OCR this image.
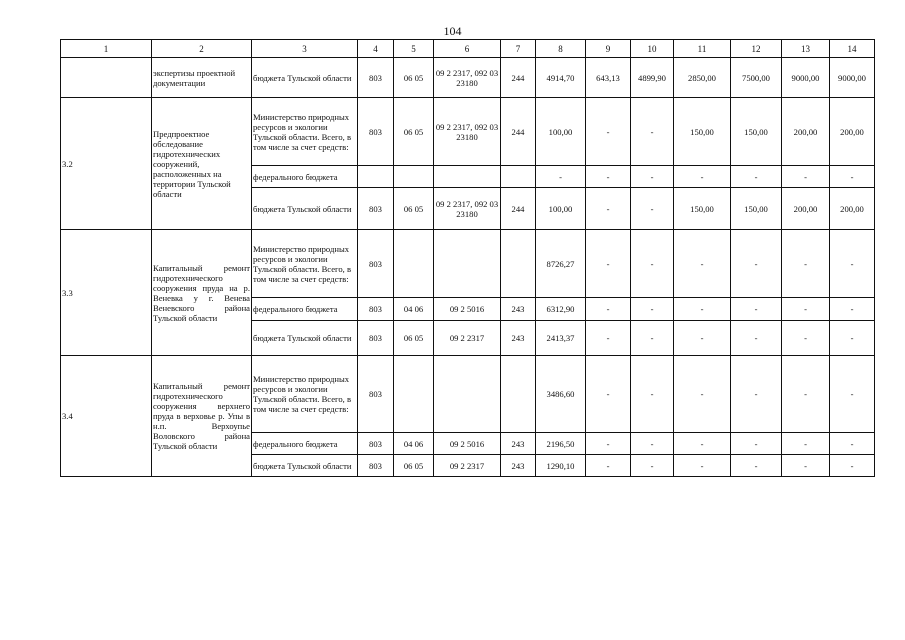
104
1	2	3	4	5	6	7	8	9	10	11	12	13	14
	экспертизы проектной документации	бюджета Тульской области	803	06 05	09 2 2317, 092 03 23180	244	4914,70	643,13	4899,90	2850,00	7500,00	9000,00	9000,00
3.2	Предпроектное обследование гидротехнических сооружений, расположенных на территории Тульской области	Министерство природных ресурсов и экологии Тульской области. Всего, в том числе за счет средств:	803	06 05	09 2 2317, 092 03 23180	244	100,00	-	-	150,00	150,00	200,00	200,00
		федерального бюджета					-	-	-	-	-	-	-
		бюджета Тульской области	803	06 05	09 2 2317, 092 03 23180	244	100,00	-	-	150,00	150,00	200,00	200,00
3.3	Капитальный ремонт гидротехнического сооружения пруда на р. Веневка у г. Венева Веневского района Тульской области	Министерство природных ресурсов и экологии Тульской области. Всего, в том числе за счет средств:	803				8726,27	-	-	-	-	-	-
		федерального бюджета	803	04 06	09 2 5016	243	6312,90	-	-	-	-	-	-
		бюджета Тульской области	803	06 05	09 2 2317	243	2413,37	-	-	-	-	-	-
3.4	Капитальный ремонт гидротехнического сооружения верхнего пруда в верховье р. Упы в н.п. Верхоупье Воловского района Тульской области	Министерство природных ресурсов и экологии Тульской области. Всего, в том числе за счет средств:	803				3486,60	-	-	-	-	-	-
		федерального бюджета	803	04 06	09 2 5016	243	2196,50	-	-	-	-	-	-
		бюджета Тульской области	803	06 05	09 2 2317	243	1290,10	-	-	-	-	-	-
